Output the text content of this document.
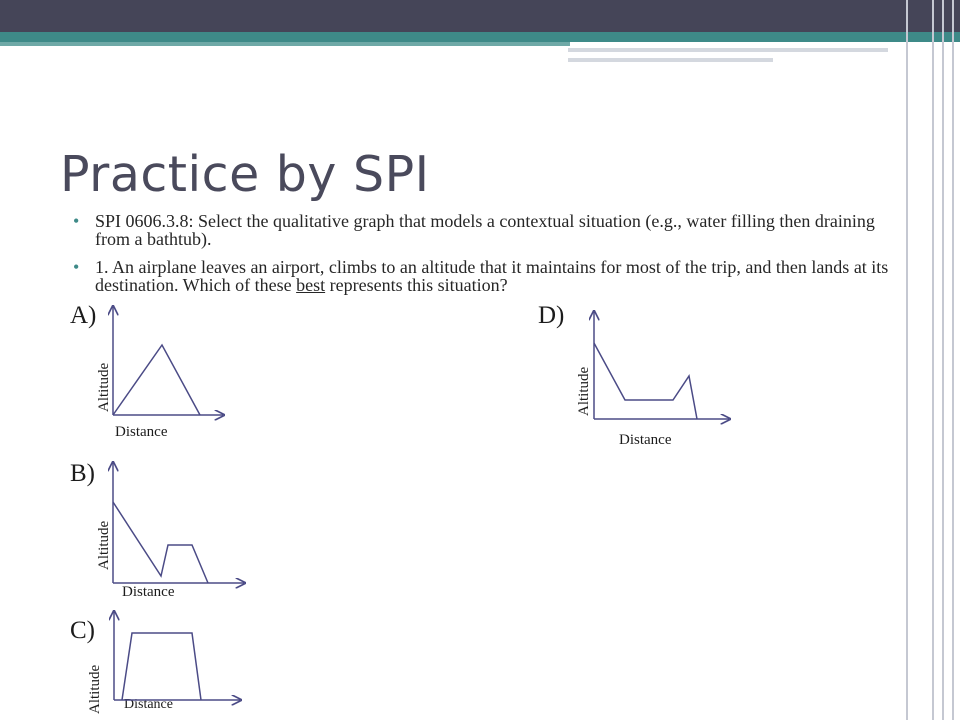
Practice by SPI
• SPI 0606.3.8: Select the qualitative graph that models a contextual situation (e.g., water filling then draining from a bathtub).
• 1. An airplane leaves an airport, climbs to an altitude that it maintains for most of the trip, and then lands at its destination. Which of these best represents this situation?
A)
B)
C)
D)
Distance
Altitude
Distance
Altitude
Distance
Altitude
Distance
Altitude
